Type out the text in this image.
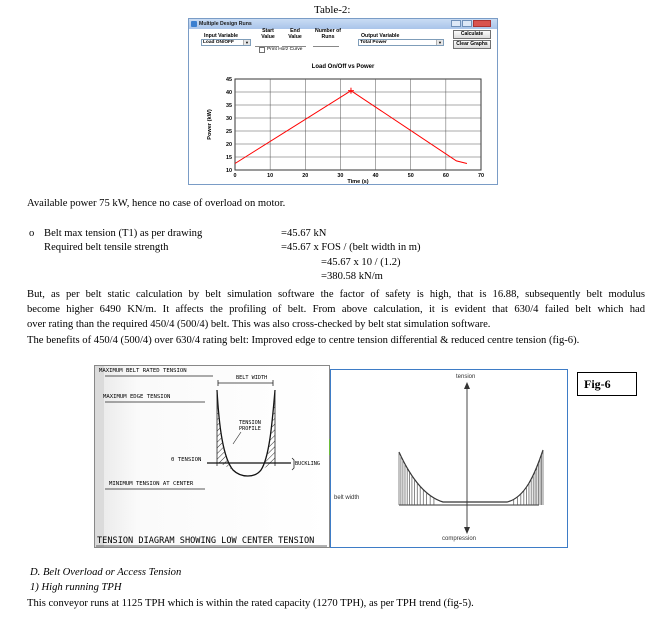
Table-2:
Multiple Design Runs
Input Variable
Load ON/OFF	▼
Start Value
End Value
Number of Runs	Output Variable
Total Power	▼
Calculate
Clear Graphs
Print Horz Curve
Load On/Off vs Power
0	10	20	30	40	50	60	70
10
15
20
25
30
35
40
45
Time (s)
Power (kW)
Available power 75 kW, hence no case of overload on motor.
o Belt max tension (T1) as per drawing	=45.67 kN
Required belt tensile strength	=45.67 x FOS / (belt width in m)
=45.67 x 10 / (1.2)
=380.58 kN/m
But, as per belt static calculation by belt simulation software the factor of safety is high, that is 16.88, subsequently belt modulus
become higher 6490 KN/m. It affects the profiling of belt. From above calculation, it is evident that 630/4 failed belt which had
over rating than the required 450/4 (500/4) belt. This was also cross-checked by belt stat simulation software.
The benefits of 450/4 (500/4) over 630/4 rating belt: Improved edge to centre tension differential & reduced centre tension (fig-6).
MAXIMUM BELT RATED TENSION
BELT WIDTH
MAXIMUM EDGE TENSION
TENSION
PROFILE
0 TENSION
BUCKLING
MINIMUM TENSION AT CENTER
TENSION DIAGRAM SHOWING LOW CENTER TENSION
tension
belt width
compression
Fig-6
D. Belt Overload or Access Tension
1) High running TPH
This conveyor runs at 1125 TPH which is within the rated capacity (1270 TPH), as per TPH trend (fig-5).
